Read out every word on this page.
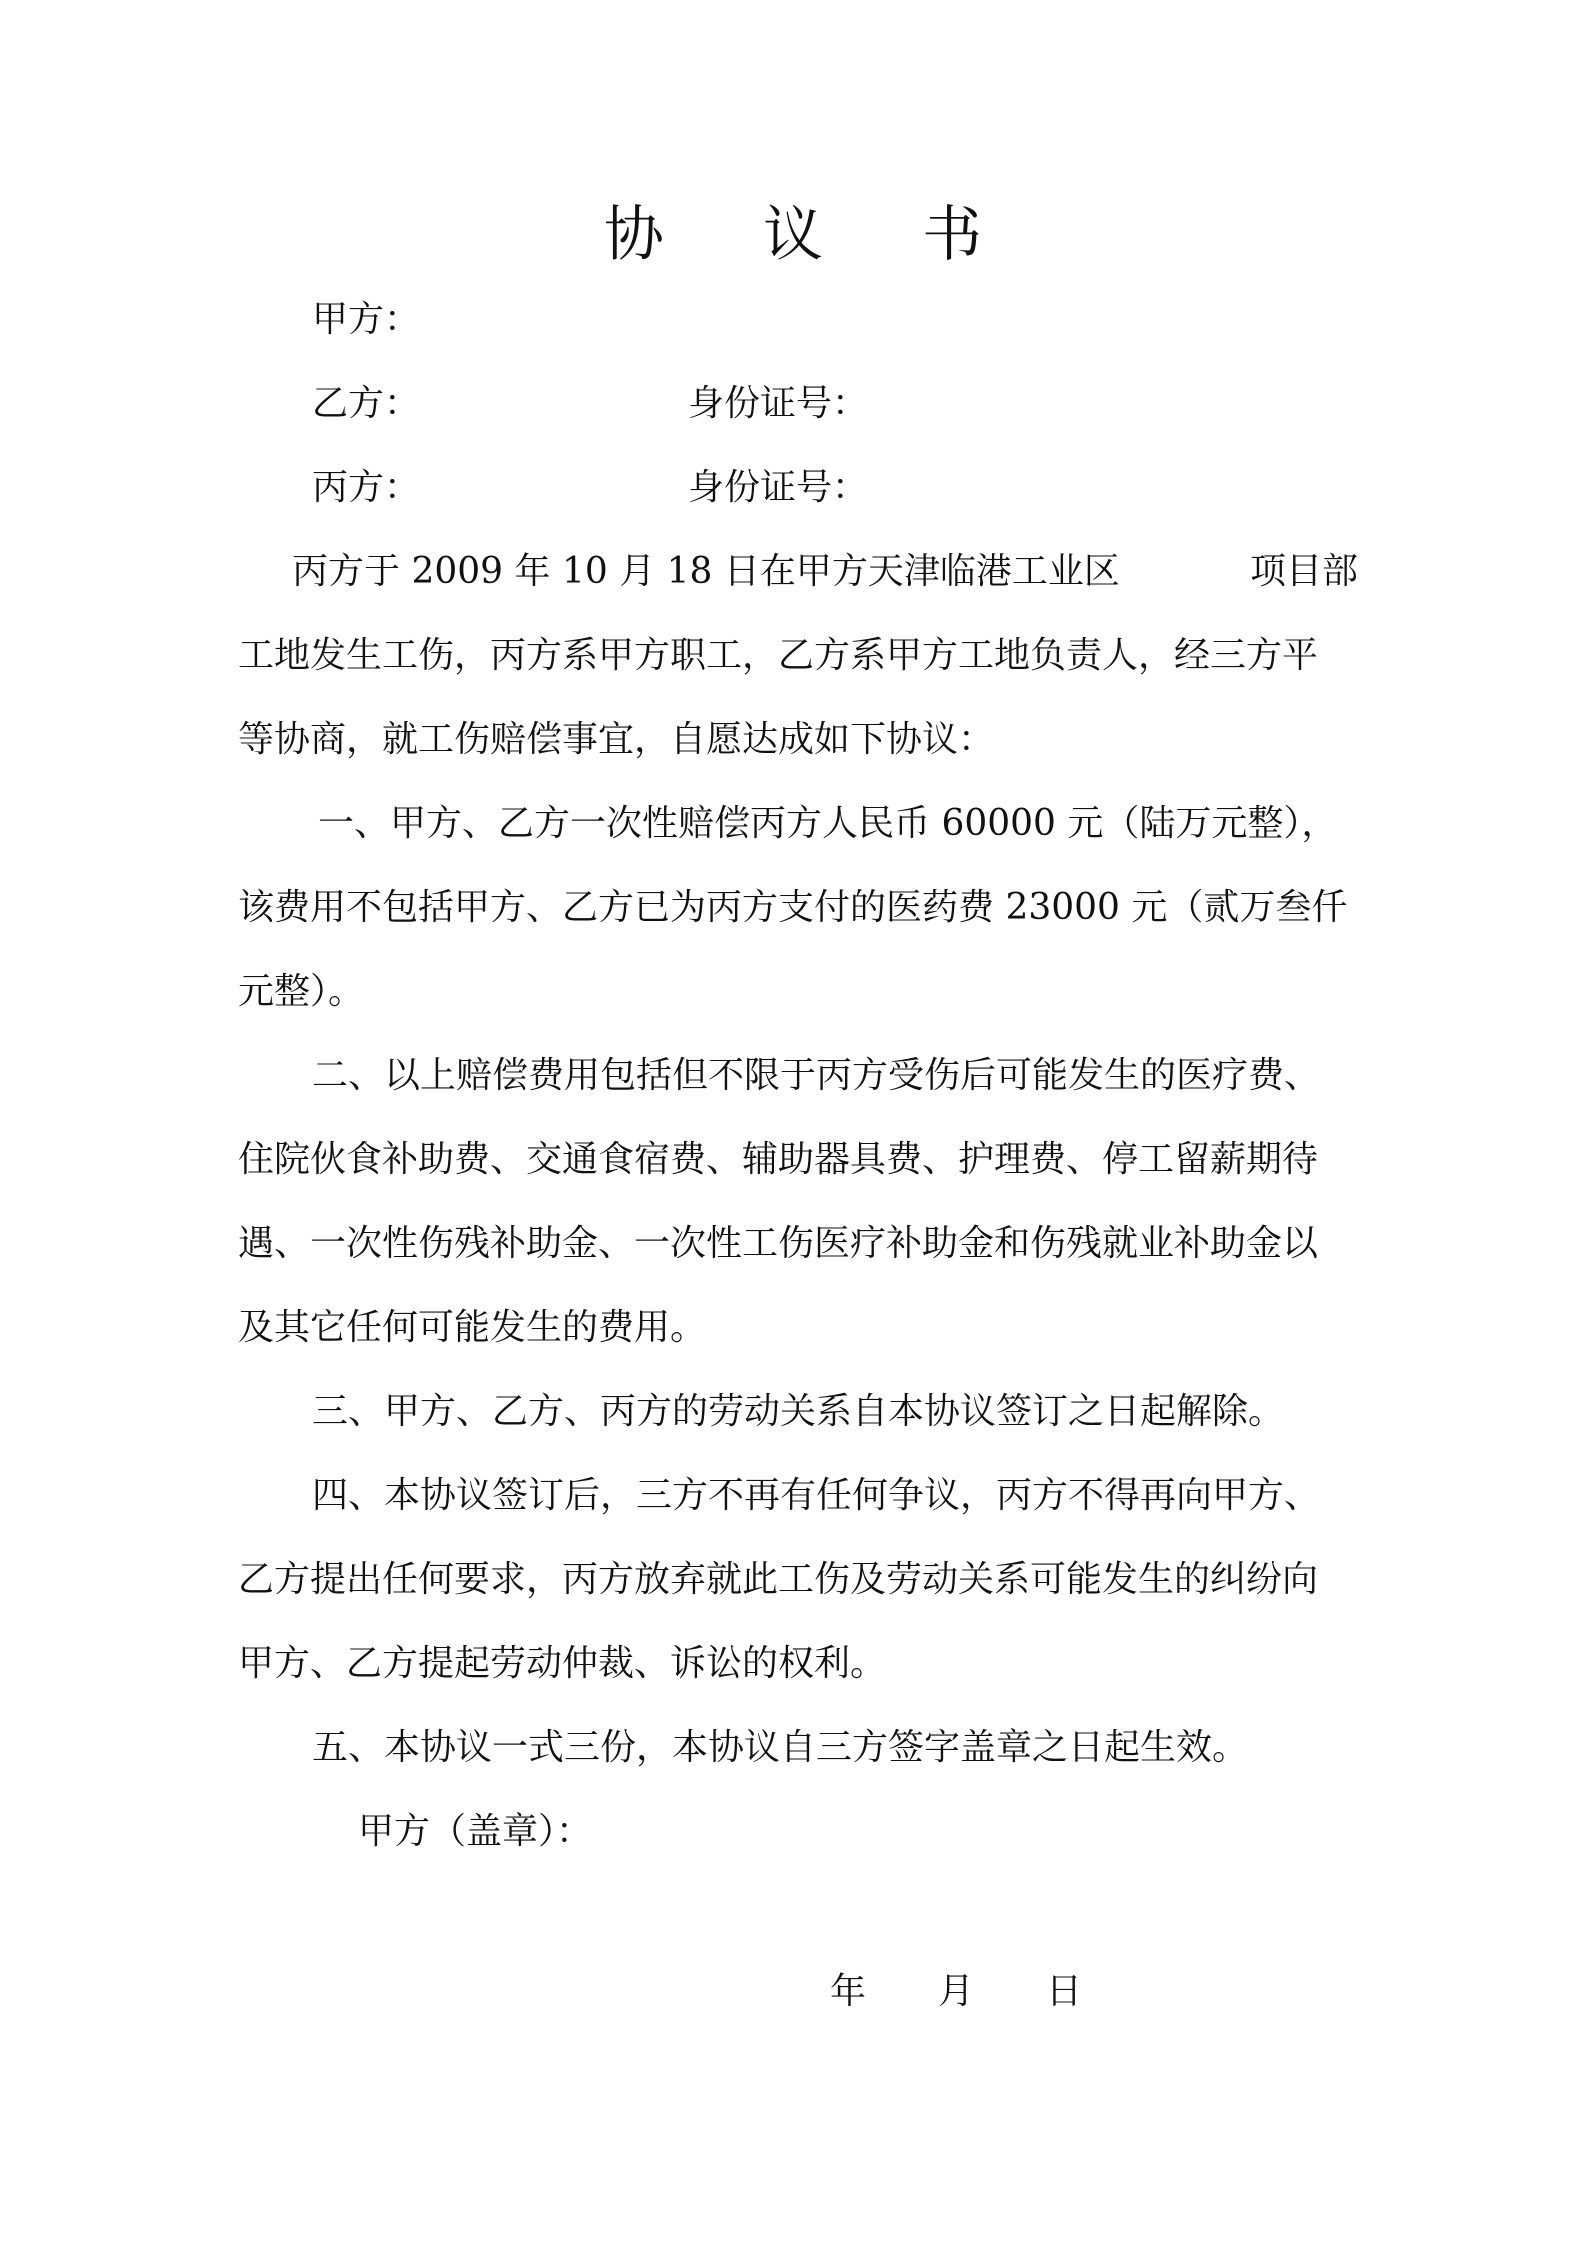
协 议 书
甲方：
乙方：	身份证号：
丙方：	身份证号：
丙方于 2009 年 10 月 18 日在甲方天津临港工业区	项目部
工地发生工伤，丙方系甲方职工，乙方系甲方工地负责人，经三方平
等协商，就工伤赔偿事宜，自愿达成如下协议：
一、甲方、乙方一次性赔偿丙方人民币 60000 元（陆万元整），
该费用不包括甲方、乙方已为丙方支付的医药费 23000 元（贰万叁仟
元整）。
二、以上赔偿费用包括但不限于丙方受伤后可能发生的医疗费、
住院伙食补助费、交通食宿费、辅助器具费、护理费、停工留薪期待
遇、一次性伤残补助金、一次性工伤医疗补助金和伤残就业补助金以
及其它任何可能发生的费用。
三、甲方、乙方、丙方的劳动关系自本协议签订之日起解除。
四、本协议签订后，三方不再有任何争议，丙方不得再向甲方、
乙方提出任何要求，丙方放弃就此工伤及劳动关系可能发生的纠纷向
甲方、乙方提起劳动仲裁、诉讼的权利。
五、本协议一式三份，本协议自三方签字盖章之日起生效。
甲方（盖章）：
年　　月　　日
